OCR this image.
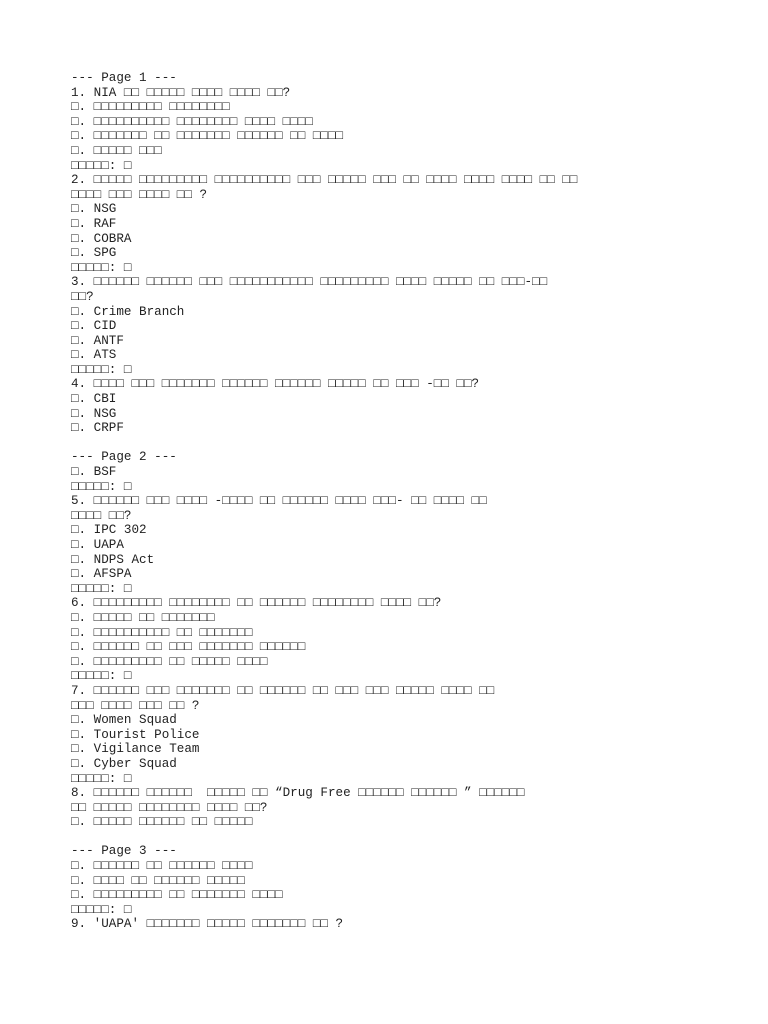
--- Page 1 ---
1. NIA □□ □□□□□ □□□□ □□□□ □□?
□. □□□□□□□□□ □□□□□□□□
□. □□□□□□□□□□ □□□□□□□□ □□□□ □□□□
□. □□□□□□□ □□ □□□□□□□ □□□□□□ □□ □□□□
□. □□□□□ □□□
□□□□□: □
2. □□□□□ □□□□□□□□□ □□□□□□□□□□ □□□ □□□□□ □□□ □□ □□□□ □□□□ □□□□ □□ □□
□□□□ □□□ □□□□ □□ ?
□. NSG
□. RAF
□. COBRA
□. SPG
□□□□□: □
3. □□□□□□ □□□□□□ □□□ □□□□□□□□□□□ □□□□□□□□□ □□□□ □□□□□ □□ □□□-□□
□□?
□. Crime Branch
□. CID
□. ANTF
□. ATS
□□□□□: □
4. □□□□ □□□ □□□□□□□ □□□□□□ □□□□□□ □□□□□ □□ □□□ -□□ □□?
□. CBI
□. NSG
□. CRPF
--- Page 2 ---
□. BSF
□□□□□: □
5. □□□□□□ □□□ □□□□ -□□□□ □□ □□□□□□ □□□□ □□□- □□ □□□□ □□
□□□□ □□?
□. IPC 302
□. UAPA
□. NDPS Act
□. AFSPA
□□□□□: □
6. □□□□□□□□□ □□□□□□□□ □□ □□□□□□ □□□□□□□□ □□□□ □□?
□. □□□□□ □□ □□□□□□□
□. □□□□□□□□□□ □□ □□□□□□□
□. □□□□□□ □□ □□□ □□□□□□□ □□□□□□
□. □□□□□□□□□ □□ □□□□□ □□□□
□□□□□: □
7. □□□□□□ □□□ □□□□□□□ □□ □□□□□□ □□ □□□ □□□ □□□□□ □□□□ □□
□□□ □□□□ □□□ □□ ?
□. Women Squad
□. Tourist Police
□. Vigilance Team
□. Cyber Squad
□□□□□: □
8. □□□□□□ □□□□□□  □□□□□ □□ “Drug Free □□□□□□ □□□□□□ ” □□□□□□
□□ □□□□□ □□□□□□□□ □□□□ □□?
□. □□□□□ □□□□□□ □□ □□□□□
--- Page 3 ---
□. □□□□□□ □□ □□□□□□ □□□□
□. □□□□ □□ □□□□□□ □□□□□
□. □□□□□□□□□ □□ □□□□□□□ □□□□
□□□□□: □
9. 'UAPA' □□□□□□□ □□□□□ □□□□□□□ □□ ?
